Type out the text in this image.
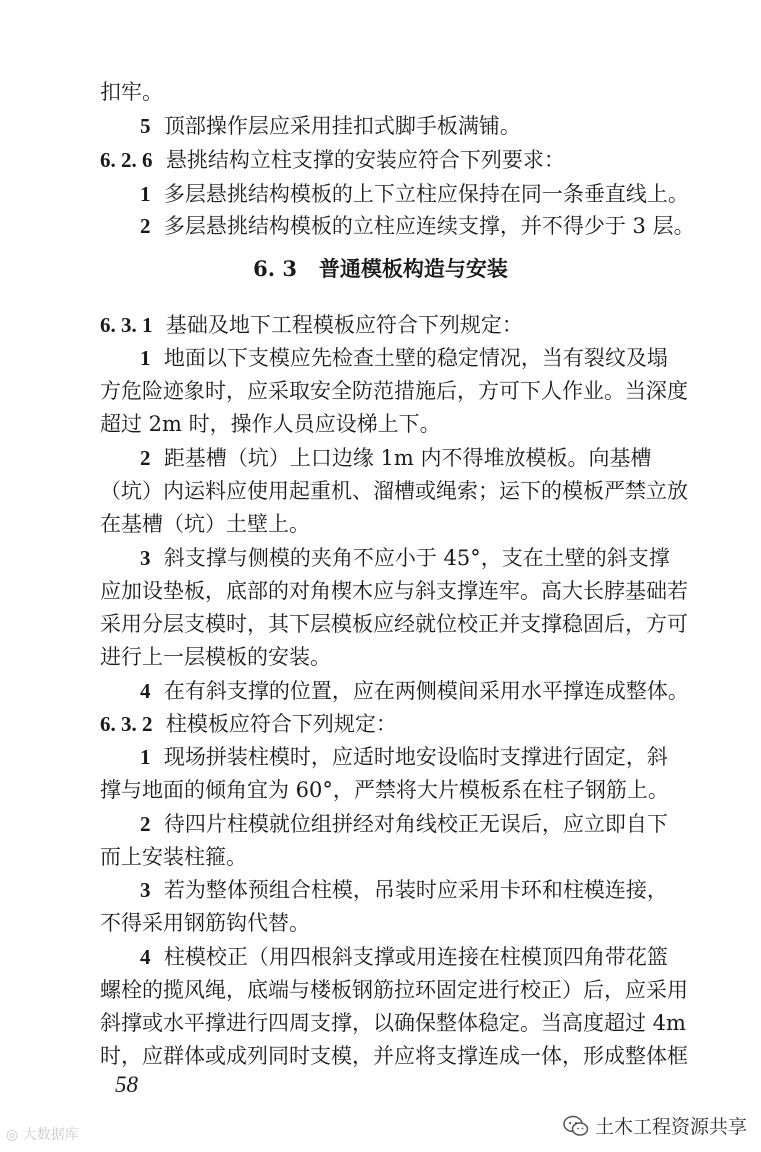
扣牢。
5 顶部操作层应采用挂扣式脚手板满铺。
6. 2. 6 悬挑结构立柱支撑的安装应符合下列要求：
1 多层悬挑结构模板的上下立柱应保持在同一条垂直线上。
2 多层悬挑结构模板的立柱应连续支撑，并不得少于 3 层。
6. 3 普通模板构造与安装
6. 3. 1 基础及地下工程模板应符合下列规定：
1 地面以下支模应先检查土壁的稳定情况，当有裂纹及塌
方危险迹象时，应采取安全防范措施后，方可下人作业。当深度
超过 2m 时，操作人员应设梯上下。
2 距基槽（坑）上口边缘 1m 内不得堆放模板。向基槽
（坑）内运料应使用起重机、溜槽或绳索；运下的模板严禁立放
在基槽（坑）土壁上。
3 斜支撑与侧模的夹角不应小于 45°，支在土壁的斜支撑
应加设垫板，底部的对角楔木应与斜支撑连牢。高大长脖基础若
采用分层支模时，其下层模板应经就位校正并支撑稳固后，方可
进行上一层模板的安装。
4 在有斜支撑的位置，应在两侧模间采用水平撑连成整体。
6. 3. 2 柱模板应符合下列规定：
1 现场拼装柱模时，应适时地安设临时支撑进行固定，斜
撑与地面的倾角宜为 60°，严禁将大片模板系在柱子钢筋上。
2 待四片柱模就位组拼经对角线校正无误后，应立即自下
而上安装柱箍。
3 若为整体预组合柱模，吊装时应采用卡环和柱模连接，
不得采用钢筋钩代替。
4 柱模校正（用四根斜支撑或用连接在柱模顶四角带花篮
螺栓的揽风绳，底端与楼板钢筋拉环固定进行校正）后，应采用
斜撑或水平撑进行四周支撑，以确保整体稳定。当高度超过 4m
时，应群体或成列同时支模，并应将支撑连成一体，形成整体框
58
◎ 大数据库	土木工程资源共享
